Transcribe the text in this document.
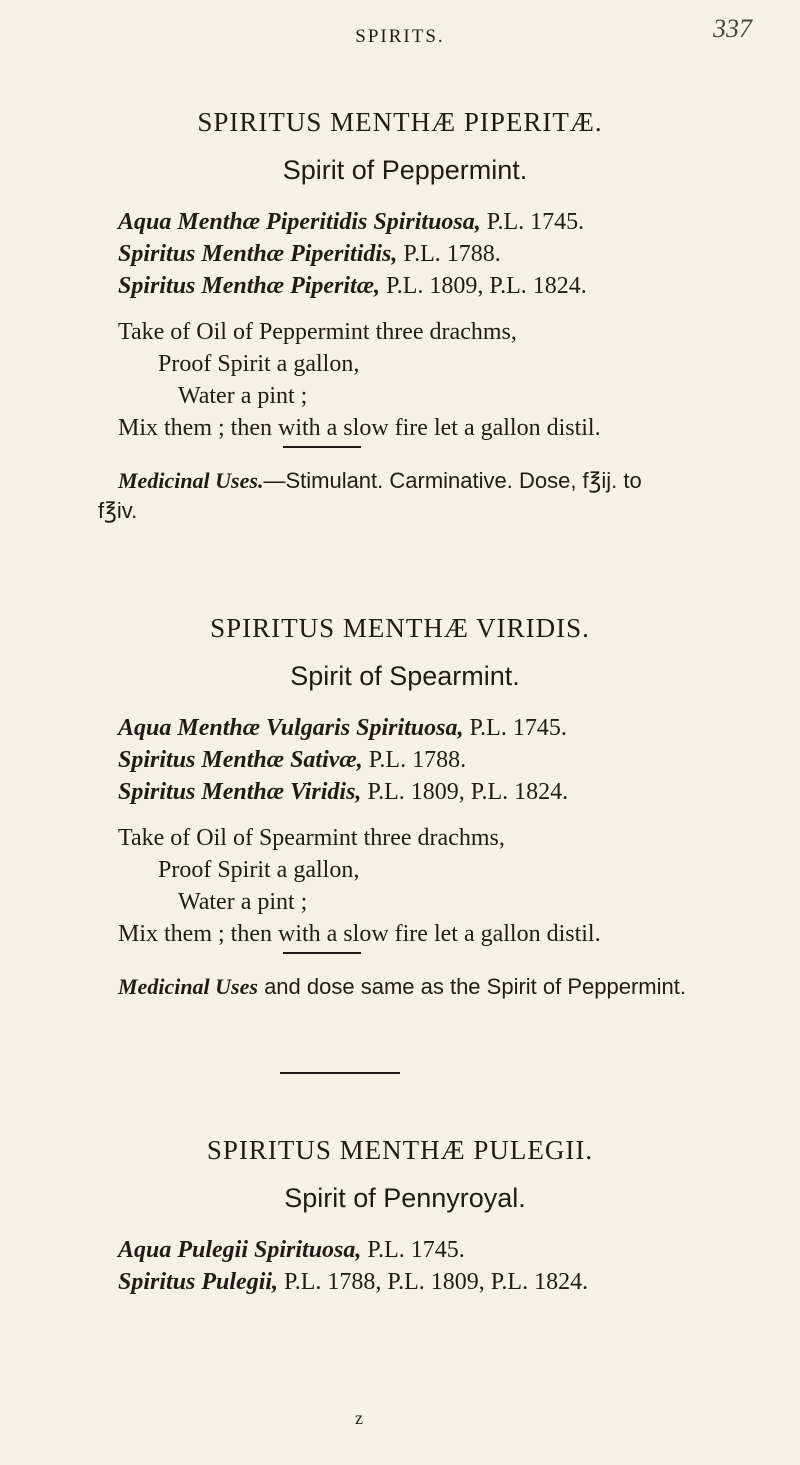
SPIRITS.	337
SPIRITUS MENTHÆ PIPERITÆ.
Spirit of Peppermint.
Aqua Menthæ Piperitidis Spirituosa, P.L. 1745.
Spiritus Menthæ Piperitidis, P.L. 1788.
Spiritus Menthæ Piperitæ, P.L. 1809, P.L. 1824.
Take of Oil of Peppermint three drachms,
Proof Spirit a gallon,
Water a pint ;
Mix them ; then with a slow fire let a gallon distil.
Medicinal Uses.—Stimulant. Carminative. Dose, f℥ij. to
f℥iv.
SPIRITUS MENTHÆ VIRIDIS.
Spirit of Spearmint.
Aqua Menthæ Vulgaris Spirituosa, P.L. 1745.
Spiritus Menthæ Sativæ, P.L. 1788.
Spiritus Menthæ Viridis, P.L. 1809, P.L. 1824.
Take of Oil of Spearmint three drachms,
Proof Spirit a gallon,
Water a pint ;
Mix them ; then with a slow fire let a gallon distil.
Medicinal Uses and dose same as the Spirit of Peppermint.
SPIRITUS MENTHÆ PULEGII.
Spirit of Pennyroyal.
Aqua Pulegii Spirituosa, P.L. 1745.
Spiritus Pulegii, P.L. 1788, P.L. 1809, P.L. 1824.
z
